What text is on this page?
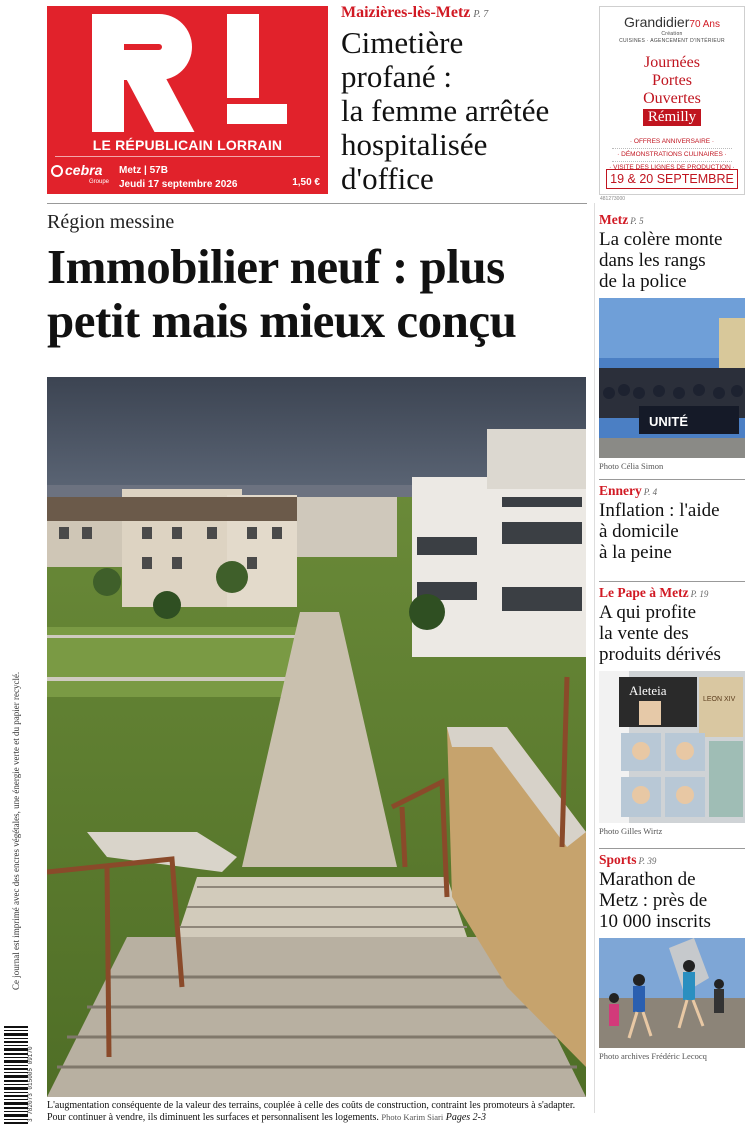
LE RÉPUBLICAIN LORRAIN
cebra
Groupe
Metz | 57B
Jeudi 17 septembre 2026	1,50 €
Maizières-lès-Metz P. 7
Cimetière
profané :
la femme arrêtée
hospitalisée
d'office
Grandidier70 Ans
Création
CUISINES · AGENCEMENT D'INTÉRIEUR
Journées
Portes
Ouvertes
Rémilly
· OFFRES ANNIVERSAIRE ·
· DÉMONSTRATIONS CULINAIRES ·
· VISITE DES LIGNES DE PRODUCTION ·
19 & 20 SEPTEMBRE
481273000
Région messine
Immobilier neuf : plus
petit mais mieux conçu
L'augmentation conséquente de la valeur des terrains, couplée à celle des coûts de construction, contraint les promoteurs à s'adapter. Pour continuer à vendre, ils diminuent les surfaces et personnalisent les logements. Photo Karim Siari Pages 2-3
Ce journal est imprimé avec des encres végétales, une énergie verte et du papier recyclé.
3 782073 015005 09170
Metz P. 5
La colère monte
dans les rangs
de la police
UNITÉ
Photo Célia Simon
Ennery P. 4
Inflation : l'aide
à domicile
à la peine
Le Pape à Metz P. 19
A qui profite
la vente des
produits dérivés
Aleteia
LEON XIV
Photo Gilles Wirtz
Sports P. 39
Marathon de
Metz : près de
10 000 inscrits
Photo archives Frédéric Lecocq
